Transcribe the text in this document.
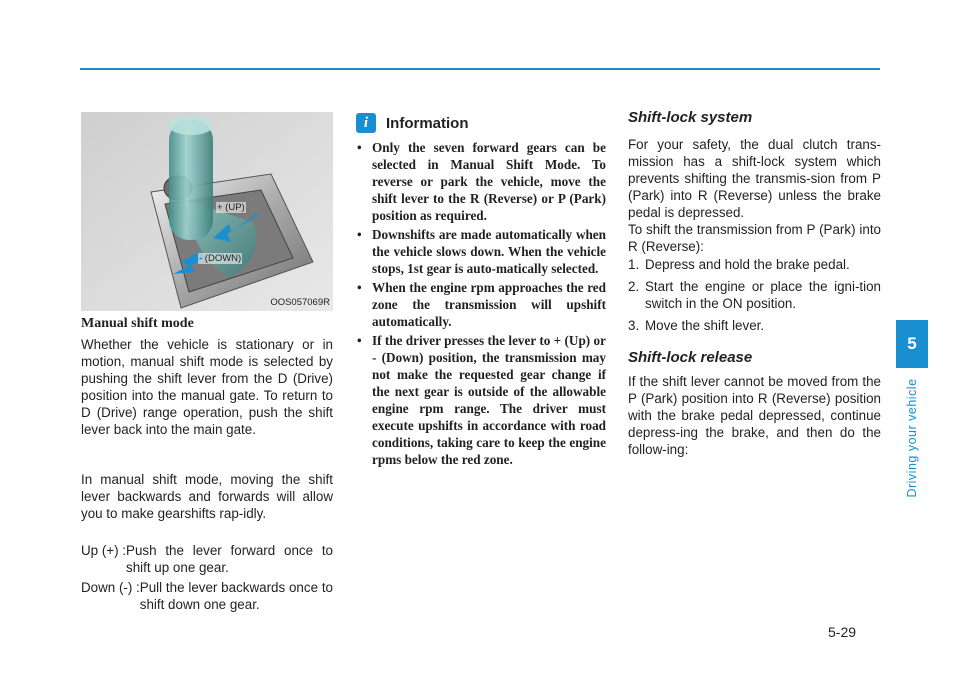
+ (UP)
- (DOWN)
OOS057069R
Manual shift mode

Whether the vehicle is stationary or in motion, manual shift mode is selected by pushing the shift lever from the D (Drive) position into the manual gate. To return to D (Drive) range operation, push the shift lever back into the main gate.

In manual shift mode, moving the shift lever backwards and forwards will allow you to make gearshifts rap-idly.

Up (+) : Push the lever forward once to shift up one gear.
Down (-) : Pull the lever backwards once to shift down one gear.
i	Information
• Only the seven forward gears can be selected in Manual Shift Mode. To reverse or park the vehicle, move the shift lever to the R (Reverse) or P (Park) position as required.
• Downshifts are made automatically when the vehicle slows down. When the vehicle stops, 1st gear is auto-matically selected.
• When the engine rpm approaches the red zone the transmission will upshift automatically.
• If the driver presses the lever to + (Up) or - (Down) position, the transmission may not make the requested gear change if the next gear is outside of the allowable engine rpm range. The driver must execute upshifts in accordance with road conditions, taking care to keep the engine rpms below the red zone.
Shift-lock system

For your safety, the dual clutch trans-mission has a shift-lock system which prevents shifting the transmis-sion from P (Park) into R (Reverse) unless the brake pedal is depressed.

To shift the transmission from P (Park) into R (Reverse):

1. Depress and hold the brake pedal.
2. Start the engine or place the igni-tion switch in the ON position.
3. Move the shift lever.
Shift-lock release

If the shift lever cannot be moved from the P (Park) position into R (Reverse) position with the brake pedal depressed, continue depress-ing the brake, and then do the follow-ing:

5
Driving your vehicle
5-29
